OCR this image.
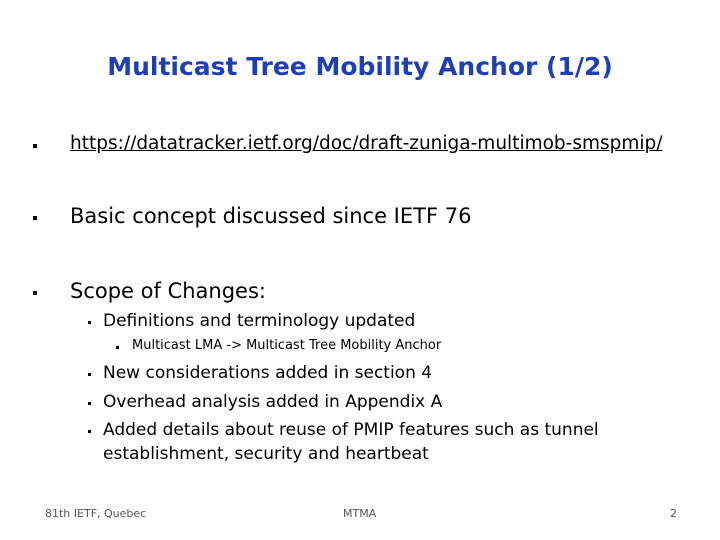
Multicast Tree Mobility Anchor (1/2)
https://datatracker.ietf.org/doc/draft-zuniga-multimob-smspmip/
Basic concept discussed since IETF 76
Scope of Changes:
Definitions and terminology updated
Multicast LMA -> Multicast Tree Mobility Anchor
New considerations added in section 4
Overhead analysis added in Appendix A
Added details about reuse of PMIP features such as tunnel
establishment, security and heartbeat
81th IETF, Quebec	MTMA	2
